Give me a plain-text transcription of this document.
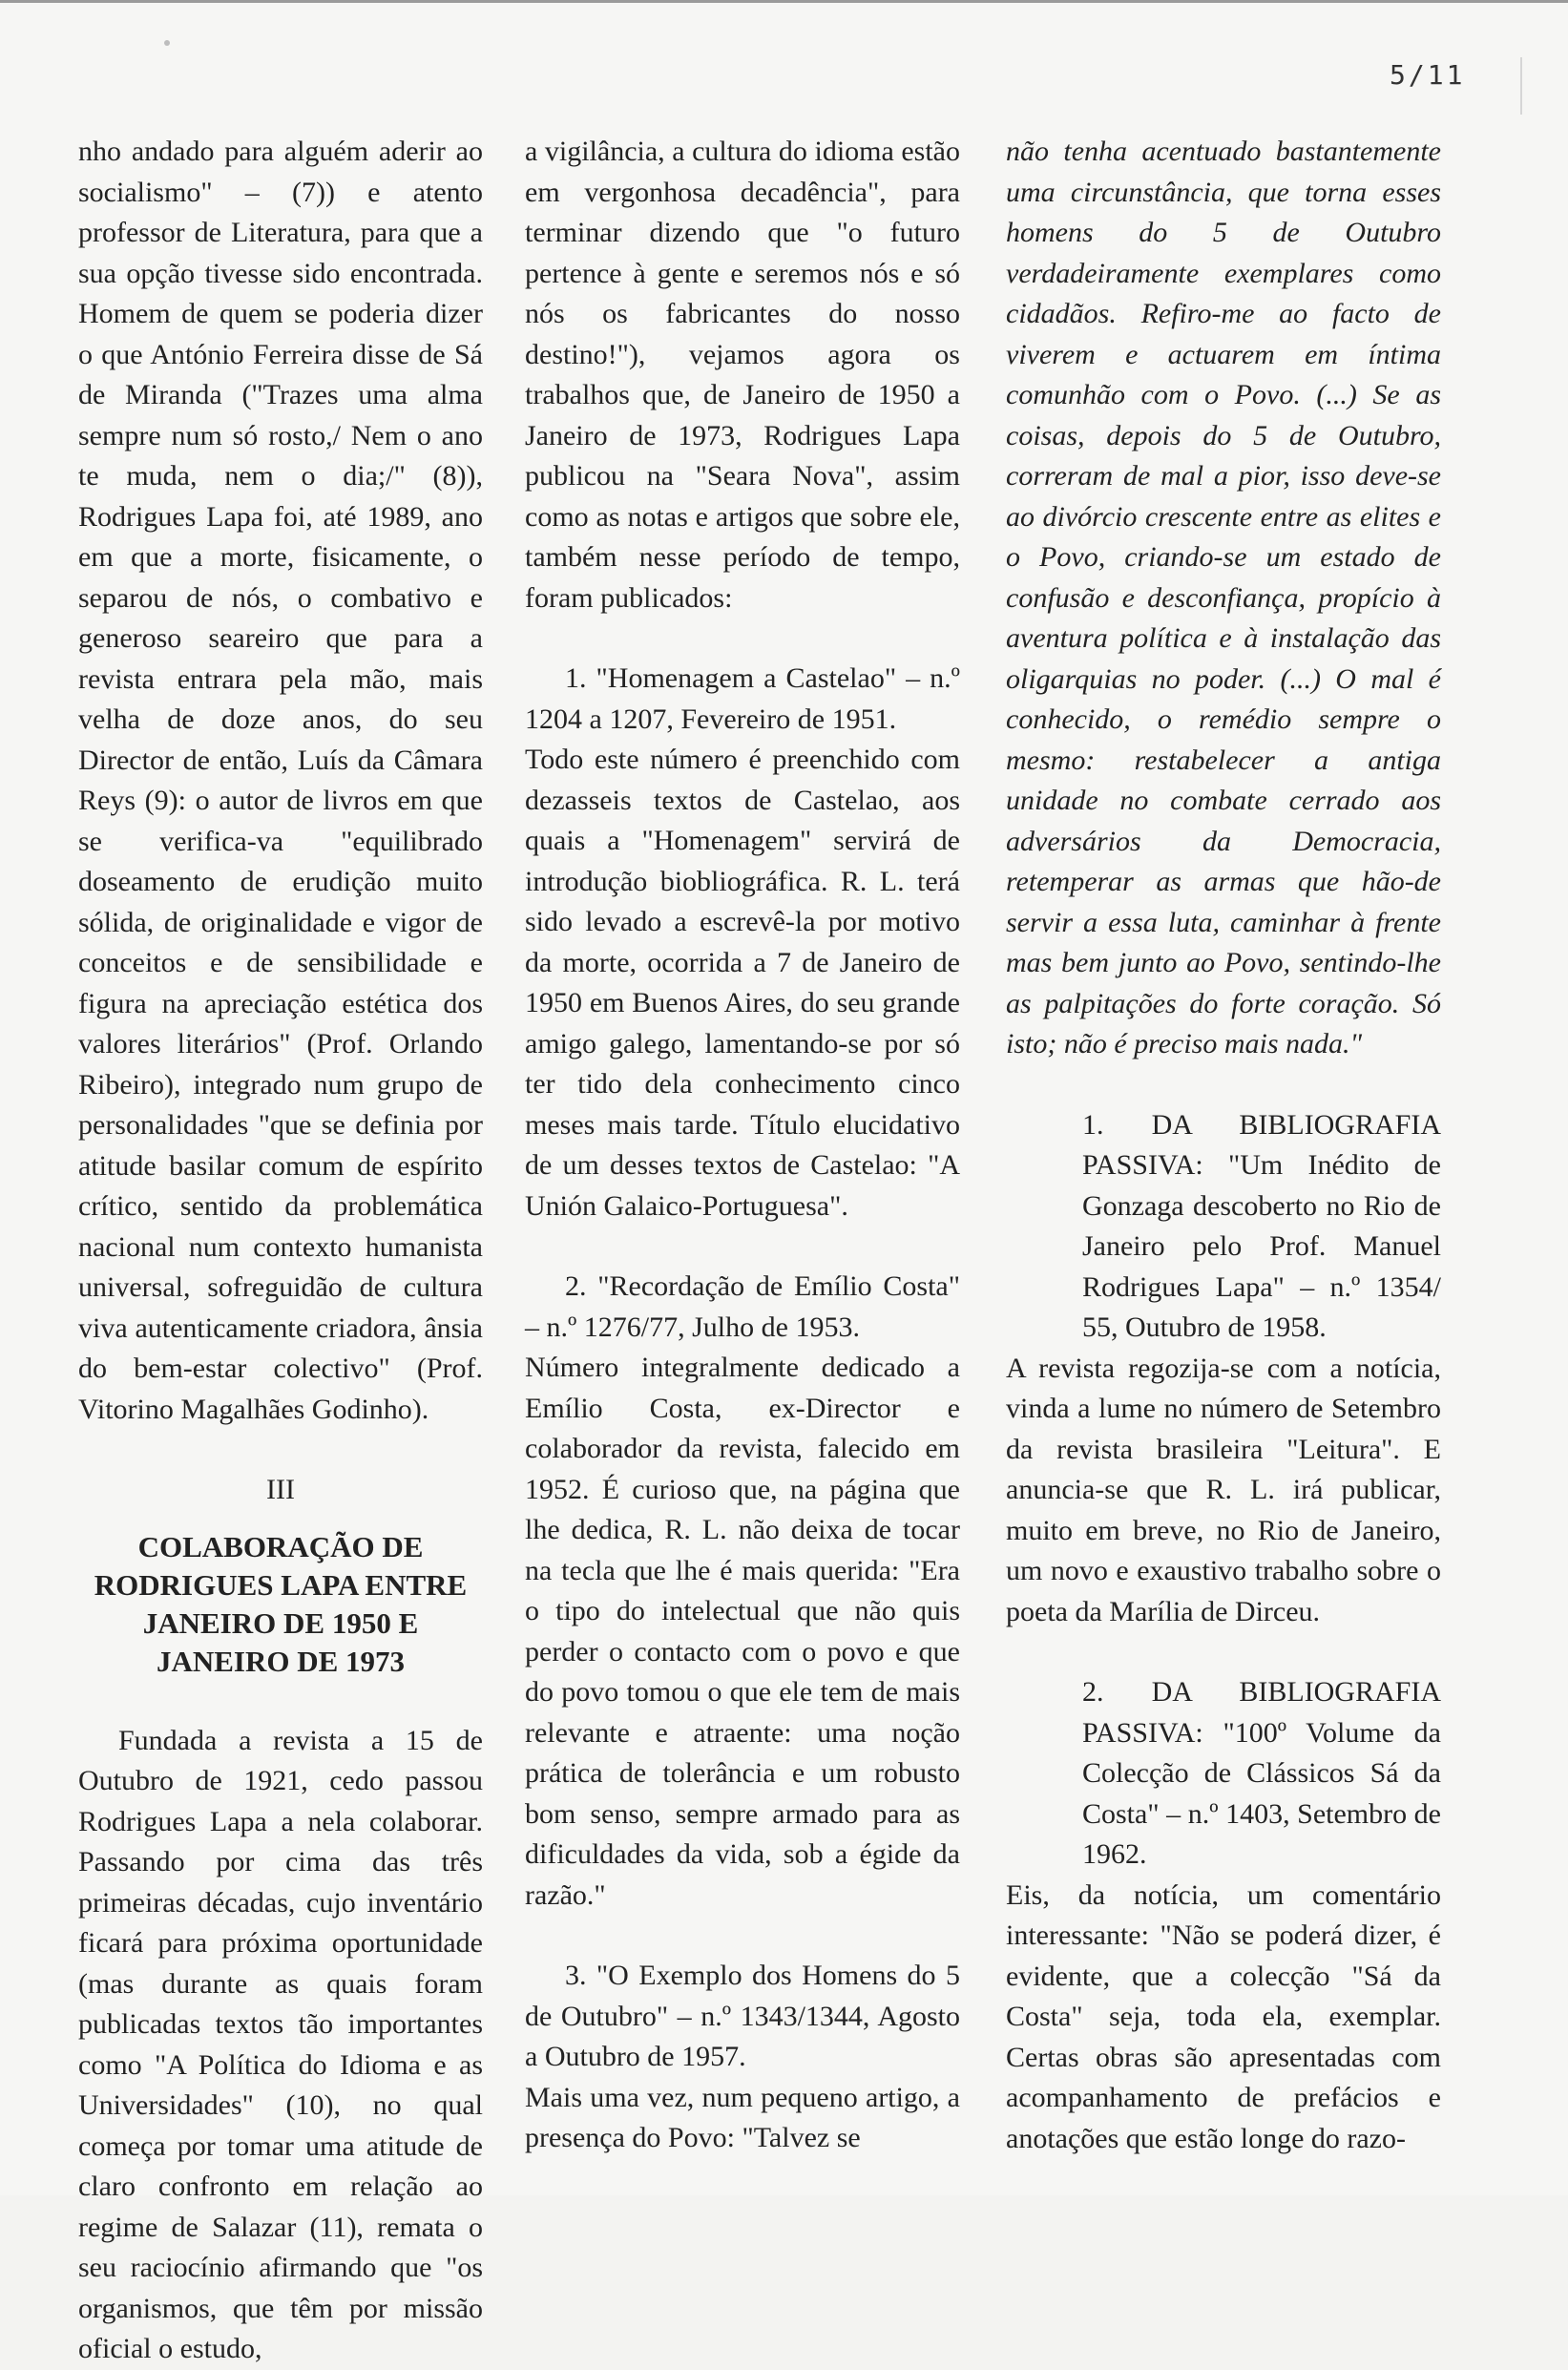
5/11

nho andado para alguém aderir ao socialismo" – (7)) e atento professor de Literatura, para que a sua opção tivesse sido encontrada. Homem de quem se poderia dizer o que António Ferreira disse de Sá de Miranda ("Trazes uma alma sempre num só rosto,/ Nem o ano te muda, nem o dia;/" (8)), Rodrigues Lapa foi, até 1989, ano em que a morte, fisicamente, o separou de nós, o combativo e generoso seareiro que para a revista entrara pela mão, mais velha de doze anos, do seu Director de então, Luís da Câmara Reys (9): o autor de livros em que se verifica-va "equilibrado doseamento de erudição muito sólida, de originalidade e vigor de conceitos e de sensibilidade e figura na apreciação estética dos valores literários" (Prof. Orlando Ribeiro), integrado num grupo de personalidades "que se definia por atitude basilar comum de espírito crítico, sentido da problemática nacional num contexto humanista universal, sofreguidão de cultura viva autenticamente criadora, ânsia do bem-estar colectivo" (Prof. Vitorino Magalhães Godinho).

III
COLABORAÇÃO DE RODRIGUES LAPA ENTRE JANEIRO DE 1950 E JANEIRO DE 1973

Fundada a revista a 15 de Outubro de 1921, cedo passou Rodrigues Lapa a nela colaborar. Passando por cima das três primeiras décadas, cujo inventário ficará para próxima oportunidade (mas durante as quais foram publicadas textos tão importantes como "A Política do Idioma e as Universidades" (10), no qual começa por tomar uma atitude de claro confronto em relação ao regime de Salazar (11), remata o seu raciocínio afirmando que "os organismos, que têm por missão oficial o estudo,

a vigilância, a cultura do idioma estão em vergonhosa decadência", para terminar dizendo que "o futuro pertence à gente e seremos nós e só nós os fabricantes do nosso destino!"), vejamos agora os trabalhos que, de Janeiro de 1950 a Janeiro de 1973, Rodrigues Lapa publicou na "Seara Nova", assim como as notas e artigos que sobre ele, também nesse período de tempo, foram publicados:

1. "Homenagem a Castelao" – n.º 1204 a 1207, Fevereiro de 1951.

Todo este número é preenchido com dezasseis textos de Castelao, aos quais a "Homenagem" servirá de introdução biobliográfica. R. L. terá sido levado a escrevê-la por motivo da morte, ocorrida a 7 de Janeiro de 1950 em Buenos Aires, do seu grande amigo galego, lamentando-se por só ter tido dela conhecimento cinco meses mais tarde. Título elucidativo de um desses textos de Castelao: "A Unión Galaico-Portuguesa".

2. "Recordação de Emílio Costa" – n.º 1276/77, Julho de 1953.

Número integralmente dedicado a Emílio Costa, ex-Director e colaborador da revista, falecido em 1952. É curioso que, na página que lhe dedica, R. L. não deixa de tocar na tecla que lhe é mais querida: "Era o tipo do intelectual que não quis perder o contacto com o povo e que do povo tomou o que ele tem de mais relevante e atraente: uma noção prática de tolerância e um robusto bom senso, sempre armado para as dificuldades da vida, sob a égide da razão."

3. "O Exemplo dos Homens do 5 de Outubro" – n.º 1343/1344, Agosto a Outubro de 1957.

Mais uma vez, num pequeno artigo, a presença do Povo: "Talvez se

não tenha acentuado bastantemente uma circunstância, que torna esses homens do 5 de Outubro verdadeiramente exemplares como cidadãos. Refiro-me ao facto de viverem e actuarem em íntima comunhão com o Povo. (...) Se as coisas, depois do 5 de Outubro, correram de mal a pior, isso deve-se ao divórcio crescente entre as elites e o Povo, criando-se um estado de confusão e desconfiança, propício à aventura política e à instalação das oligarquias no poder. (...) O mal é conhecido, o remédio sempre o mesmo: restabelecer a antiga unidade no combate cerrado aos adversários da Democracia, retemperar as armas que hão-de servir a essa luta, caminhar à frente mas bem junto ao Povo, sentindo-lhe as palpitações do forte coração. Só isto; não é preciso mais nada."

1. DA BIBLIOGRAFIA PASSIVA: "Um Inédito de Gonzaga descoberto no Rio de Janeiro pelo Prof. Manuel Rodrigues Lapa" – n.º 1354/ 55, Outubro de 1958.

A revista regozija-se com a notícia, vinda a lume no número de Setembro da revista brasileira "Leitura". E anuncia-se que R. L. irá publicar, muito em breve, no Rio de Janeiro, um novo e exaustivo trabalho sobre o poeta da Marília de Dirceu.

2. DA BIBLIOGRAFIA PASSIVA: "100º Volume da Colecção de Clássicos Sá da Costa" – n.º 1403, Setembro de 1962.

Eis, da notícia, um comentário interessante: "Não se poderá dizer, é evidente, que a colecção "Sá da Costa" seja, toda ela, exemplar. Certas obras são apresentadas com acompanhamento de prefácios e anotações que estão longe do razo-
